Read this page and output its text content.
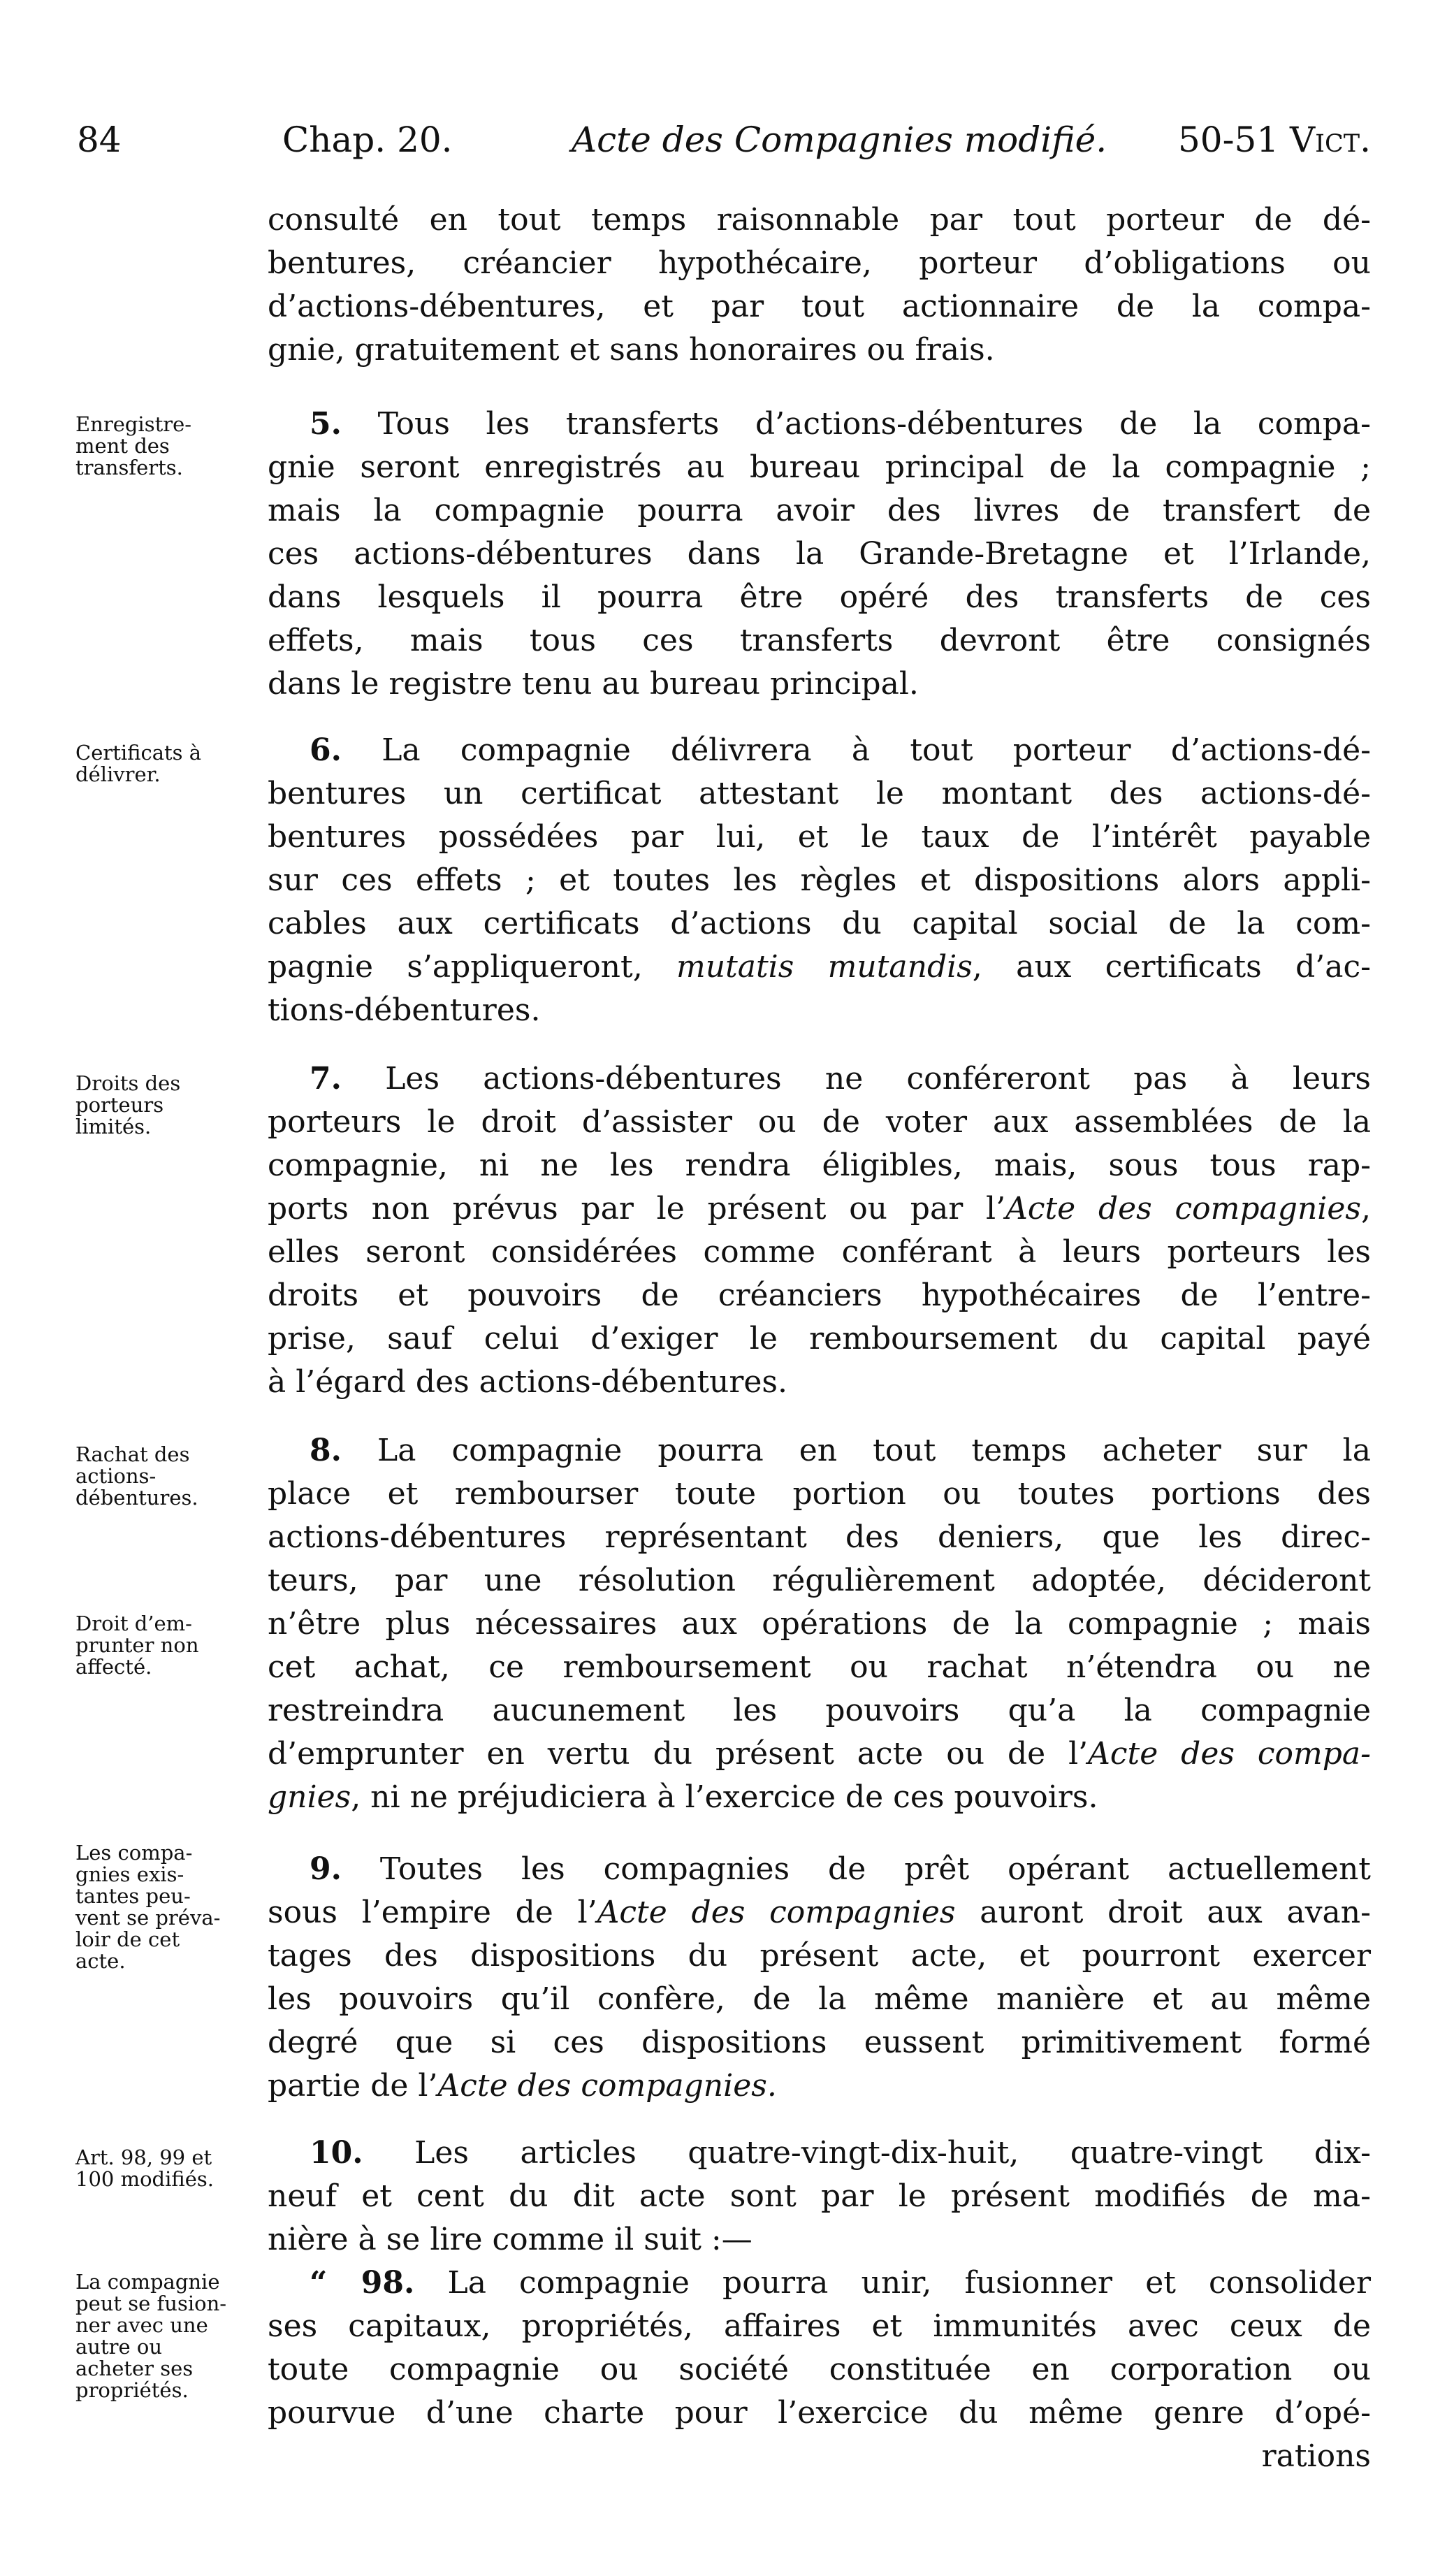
84	Chap. 20.	Acte des Compagnies modifié. 50-51 Vict.
consulté en tout temps raisonnable par tout porteur de dé-
bentures, créancier hypothécaire, porteur d’obligations ou
d’actions-débentures, et par tout actionnaire de la compa-
gnie, gratuitement et sans honoraires ou frais.
5. Tous les transferts d’actions-débentures de la compa-
gnie seront enregistrés au bureau principal de la compagnie ;
mais la compagnie pourra avoir des livres de transfert de
ces actions-débentures dans la Grande-Bretagne et l’Irlande,
dans lesquels il pourra être opéré des transferts de ces
effets, mais tous ces transferts devront être consignés
dans le registre tenu au bureau principal.
6. La compagnie délivrera à tout porteur d’actions-dé-
bentures un certificat attestant le montant des actions-dé-
bentures possédées par lui, et le taux de l’intérêt payable
sur ces effets ; et toutes les règles et dispositions alors appli-
cables aux certificats d’actions du capital social de la com-
pagnie s’appliqueront, mutatis mutandis, aux certificats d’ac-
tions-débentures.
7. Les actions-débentures ne conféreront pas à leurs
porteurs le droit d’assister ou de voter aux assemblées de la
compagnie, ni ne les rendra éligibles, mais, sous tous rap-
ports non prévus par le présent ou par l’Acte des compagnies,
elles seront considérées comme conférant à leurs porteurs les
droits et pouvoirs de créanciers hypothécaires de l’entre-
prise, sauf celui d’exiger le remboursement du capital payé
à l’égard des actions-débentures.
8. La compagnie pourra en tout temps acheter sur la
place et rembourser toute portion ou toutes portions des
actions-débentures représentant des deniers, que les direc-
teurs, par une résolution régulièrement adoptée, décideront
n’être plus nécessaires aux opérations de la compagnie ; mais
cet achat, ce remboursement ou rachat n’étendra ou ne
restreindra aucunement les pouvoirs qu’a la compagnie
d’emprunter en vertu du présent acte ou de l’Acte des compa-
gnies, ni ne préjudiciera à l’exercice de ces pouvoirs.
9. Toutes les compagnies de prêt opérant actuellement
sous l’empire de l’Acte des compagnies auront droit aux avan-
tages des dispositions du présent acte, et pourront exercer
les pouvoirs qu’il confère, de la même manière et au même
degré que si ces dispositions eussent primitivement formé
partie de l’Acte des compagnies.
10. Les articles quatre-vingt-dix-huit, quatre-vingt dix-
neuf et cent du dit acte sont par le présent modifiés de ma-
nière à se lire comme il suit :—
“ 98. La compagnie pourra unir, fusionner et consolider
ses capitaux, propriétés, affaires et immunités avec ceux de
toute compagnie ou société constituée en corporation ou
pourvue d’une charte pour l’exercice du même genre d’opé-
rations
Enregistre-
ment des
transferts.
Certificats à
délivrer.
Droits des
porteurs
limités.
Rachat des
actions-
débentures.
Droit d’em-
prunter non
affecté.
Les compa-
gnies exis-
tantes peu-
vent se préva-
loir de cet
acte.
Art. 98, 99 et
100 modifiés.
La compagnie
peut se fusion-
ner avec une
autre ou
acheter ses
propriétés.
